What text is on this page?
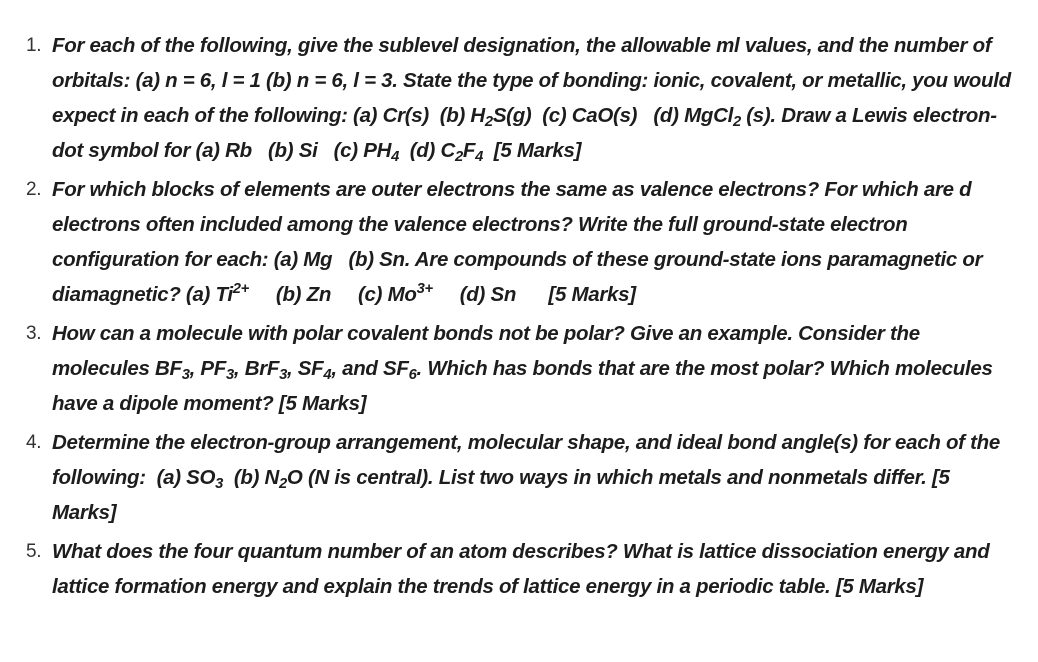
1. For each of the following, give the sublevel designation, the allowable ml values, and the number of orbitals: (a) n = 6, l = 1 (b) n = 6, l = 3. State the type of bonding: ionic, covalent, or metallic, you would expect in each of the following: (a) Cr(s)  (b) $H_2S(g)$  (c) CaO(s)   (d) MgCl$_2$ (s). Draw a Lewis electron-dot symbol for (a) Rb   (b) Si   (c) $PH_4$  (d) $C_2F_4$  [5 Marks]
2. For which blocks of elements are outer electrons the same as valence electrons? For which are d electrons often included among the valence electrons? Write the full ground-state electron configuration for each: (a) Mg   (b) Sn. Are compounds of these ground-state ions paramagnetic or diamagnetic? (a) $Ti^{2+}$     (b) Zn     (c) $Mo^{3+}$     (d) Sn      [5 Marks]
3. How can a molecule with polar covalent bonds not be polar? Give an example. Consider the molecules $BF_3$, $PF_3$, BrF$_3$, $SF_4$, and $SF_6$. Which has bonds that are the most polar? Which molecules have a dipole moment? [5 Marks]
4. Determine the electron-group arrangement, molecular shape, and ideal bond angle(s) for each of the following:  (a) $SO_3$  (b) $N_2O$ (N is central). List two ways in which metals and nonmetals differ. [5 Marks]
5. What does the four quantum number of an atom describes? What is lattice dissociation energy and lattice formation energy and explain the trends of lattice energy in a periodic table. [5 Marks]
